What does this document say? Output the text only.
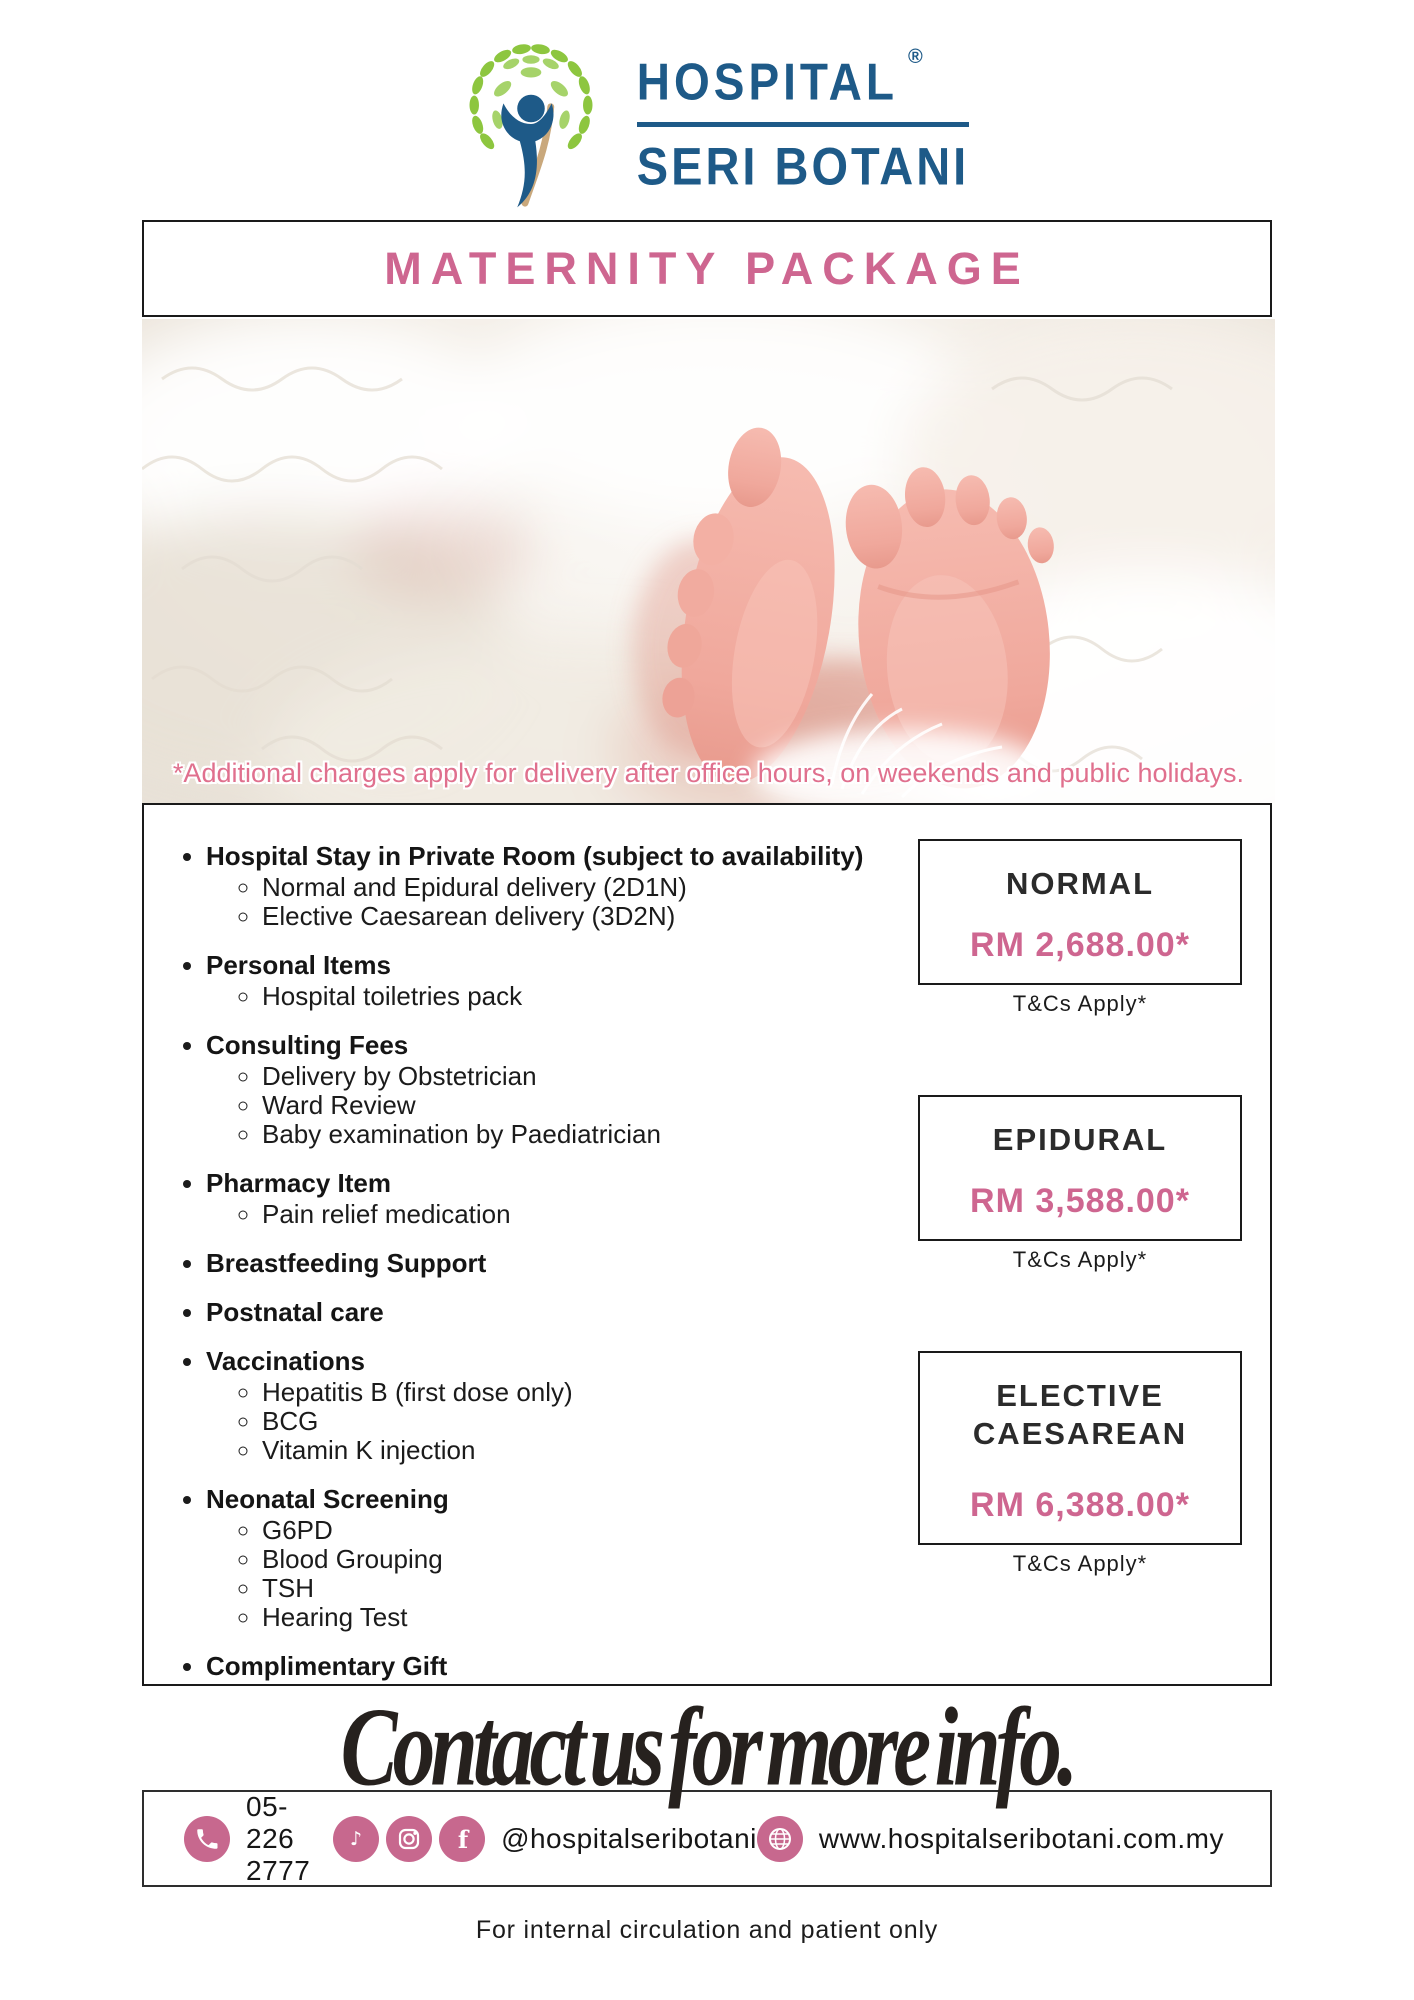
HOSPITAL ®
SERI BOTANI
MATERNITY PACKAGE
*Additional charges apply for delivery after office hours, on weekends and public holidays.
• Hospital Stay in Private Room (subject to availability)
◦ Normal and Epidural delivery (2D1N)
◦ Elective Caesarean delivery (3D2N)
• Personal Items
◦ Hospital toiletries pack
• Consulting Fees
◦ Delivery by Obstetrician
◦ Ward Review
◦ Baby examination by Paediatrician
• Pharmacy Item
◦ Pain relief medication
• Breastfeeding Support
• Postnatal care
• Vaccinations
◦ Hepatitis B (first dose only)
◦ BCG
◦ Vitamin K injection
• Neonatal Screening
◦ G6PD
◦ Blood Grouping
◦ TSH
◦ Hearing Test
• Complimentary Gift
NORMAL
RM 2,688.00*
T&Cs Apply*
EPIDURAL
RM 3,588.00*
T&Cs Apply*
ELECTIVE CAESAREAN
RM 6,388.00*
T&Cs Apply*
Contact us for more info.
05-226 2777
♪	f @hospitalseribotani www.hospitalseribotani.com.my
For internal circulation and patient only
